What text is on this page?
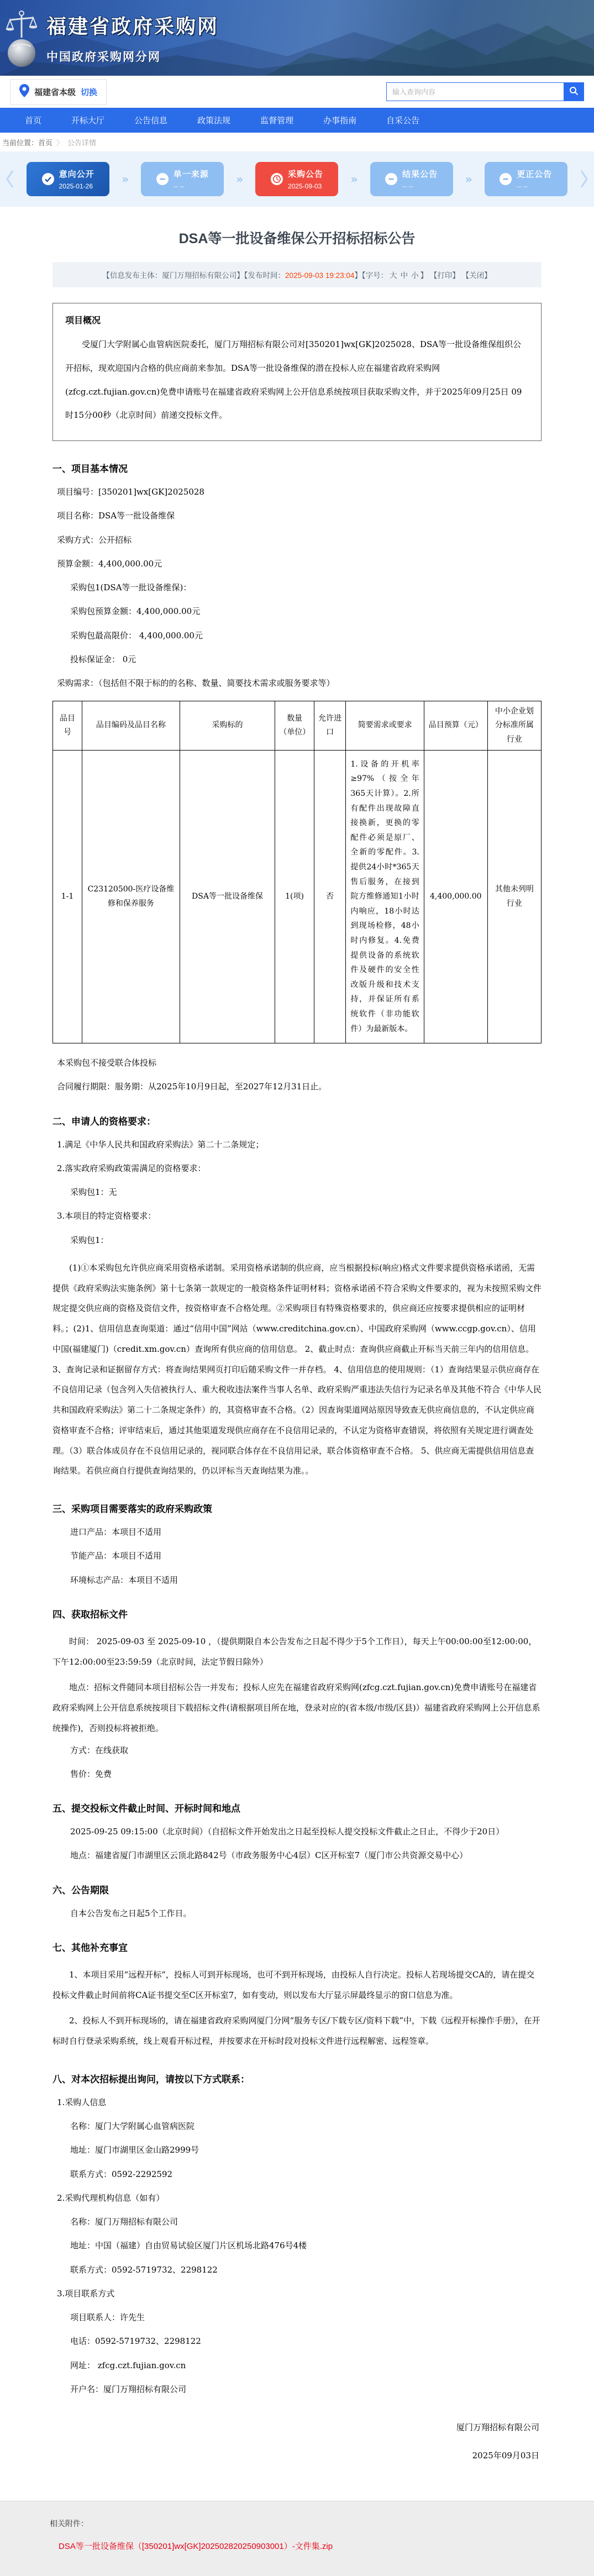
福建省政府采购网
中国政府采购网分网
福建省本级 切换
输入查询内容
首页	开标大厅	公告信息	政策法规	监督管理	办事指南	自采公告
当前位置： 首页 〉 公告详情
意向公开
2025-01-26
»	单一来源
-- --
»	采购公告
2025-09-03
»	结果公告
-- --
»	更正公告
-- --
DSA等一批设备维保公开招标招标公告
【信息发布主体：厦门万翔招标有限公司】【发布时间：2025-09-03 19:23:04】【字号： 大 中 小 】 【打印】 【关闭】
项目概况

受厦门大学附属心血管病医院委托，厦门万翔招标有限公司对[350201]wx[GK]2025028、DSA等一批设备维保组织公开招标，现欢迎国内合格的供应商前来参加。DSA等一批设备维保的潜在投标人应在福建省政府采购网(zfcg.czt.fujian.gov.cn)免费申请账号在福建省政府采购网上公开信息系统按项目获取采购文件，并于2025年09月25日 09时15分00秒（北京时间）前递交投标文件。

一、项目基本情况

项目编号：[350201]wx[GK]2025028

项目名称：DSA等一批设备维保

采购方式：公开招标

预算金额：4,400,000.00元

采购包1(DSA等一批设备维保)：

采购包预算金额：4,400,000.00元

采购包最高限价： 4,400,000.00元

投标保证金： 0元

采购需求：（包括但不限于标的的名称、数量、简要技术需求或服务要求等）

品目号	品目编码及品目名称	采购标的	数量（单位）	允许进口	简要需求或要求	品目预算（元）	中小企业划分标准所属行业
1-1	C23120500-医疗设备维修和保养服务	DSA等一批设备维保	1(项)	否	1.设备的开机率≥97%（按全年365天计算）。2.所有配件出现故障直接换新，更换的零配件必须是原厂、全新的零配件。3.提供24小时*365天售后服务，在接到院方维修通知1小时内响应，18小时达到现场检修，48小时内修复。4.免费提供设备的系统软件及硬件的安全性改版升级和技术支持，并保证所有系统软件（非功能软件）为最新版本。	4,400,000.00	其他未列明行业

本采购包不接受联合体投标

合同履行期限：服务期：从2025年10月9日起，至2027年12月31日止。

二、申请人的资格要求：

1.满足《中华人民共和国政府采购法》第二十二条规定；

2.落实政府采购政策需满足的资格要求：

采购包1：无

3.本项目的特定资格要求：

采购包1：

(1)①本采购包允许供应商采用资格承诺制。采用资格承诺制的供应商，应当根据投标(响应)格式文件要求提供资格承诺函，无需提供《政府采购法实施条例》第十七条第一款规定的一般资格条件证明材料；资格承诺函不符合采购文件要求的，视为未按照采购文件规定提交供应商的资格及资信文件，按资格审查不合格处理。②采购项目有特殊资格要求的，供应商还应按要求提供相应的证明材料。；(2)1、信用信息查询渠道：通过“信用中国”网站（www.creditchina.gov.cn）、中国政府采购网（www.ccgp.gov.cn）、信用中国(福建厦门)（credit.xm.gov.cn）查询所有供应商的信用信息。 2、截止时点：查询供应商截止开标当天前三年内的信用信息。 3、查询记录和证据留存方式：将查询结果网页打印后随采购文件一并存档。 4、信用信息的使用规则：（1）查询结果显示供应商存在不良信用记录（包含列入失信被执行人、重大税收违法案件当事人名单、政府采购严重违法失信行为记录名单及其他不符合《中华人民共和国政府采购法》第二十二条规定条件）的，其资格审查不合格。（2）因查询渠道网站原因导致查无供应商信息的，不认定供应商资格审查不合格；评审结束后，通过其他渠道发现供应商存在不良信用记录的，不认定为资格审查错误，将依照有关规定进行调查处理。（3）联合体成员存在不良信用记录的，视同联合体存在不良信用记录，联合体资格审查不合格。 5、供应商无需提供信用信息查询结果。若供应商自行提供查询结果的，仍以评标当天查询结果为准。。

三、采购项目需要落实的政府采购政策

进口产品：本项目不适用

节能产品：本项目不适用

环境标志产品：本项目不适用

四、获取招标文件

时间： 2025-09-03 至 2025-09-10 ，（提供期限自本公告发布之日起不得少于5个工作日），每天上午00:00:00至12:00:00，下午12:00:00至23:59:59（北京时间，法定节假日除外）

地点：招标文件随同本项目招标公告一并发布；投标人应先在福建省政府采购网(zfcg.czt.fujian.gov.cn)免费申请账号在福建省政府采购网上公开信息系统按项目下载招标文件(请根据项目所在地，登录对应的(省本级/市级/区县)）福建省政府采购网上公开信息系统操作)，否则投标将被拒绝。

方式：在线获取

售价：免费

五、提交投标文件截止时间、开标时间和地点

2025-09-25 09:15:00（北京时间）（自招标文件开始发出之日起至投标人提交投标文件截止之日止，不得少于20日）

地点：福建省厦门市湖里区云顶北路842号（市政务服务中心4层）C区开标室7（厦门市公共资源交易中心）

六、公告期限

自本公告发布之日起5个工作日。

七、其他补充事宜

1、本项目采用“远程开标”，投标人可到开标现场，也可不到开标现场，由投标人自行决定。投标人若现场提交CA的，请在提交投标文件截止时间前将CA证书提交至C区开标室7，如有变动，则以发布大厅显示屏最终显示的窗口信息为准。

2、投标人不到开标现场的，请在福建省政府采购网厦门分网“服务专区/下载专区/资料下载”中，下载《远程开标操作手册》，在开标时自行登录采购系统，线上观看开标过程，并按要求在开标时段对投标文件进行远程解密、远程签章。

八、对本次招标提出询问，请按以下方式联系：

1.采购人信息

名称：厦门大学附属心血管病医院

地址：厦门市湖里区金山路2999号

联系方式：0592-2292592

2.采购代理机构信息（如有）

名称：厦门万翔招标有限公司

地址：中国（福建）自由贸易试验区厦门片区机场北路476号4楼

联系方式：0592-5719732、2298122

3.项目联系方式

项目联系人：许先生

电话：0592-5719732、2298122

网址： zfcg.czt.fujian.gov.cn

开户名：厦门万翔招标有限公司

厦门万翔招标有限公司

2025年09月03日

相关附件：
DSA等一批设备维保（[350201]wx[GK]202502820250903001）-文件集.zip
